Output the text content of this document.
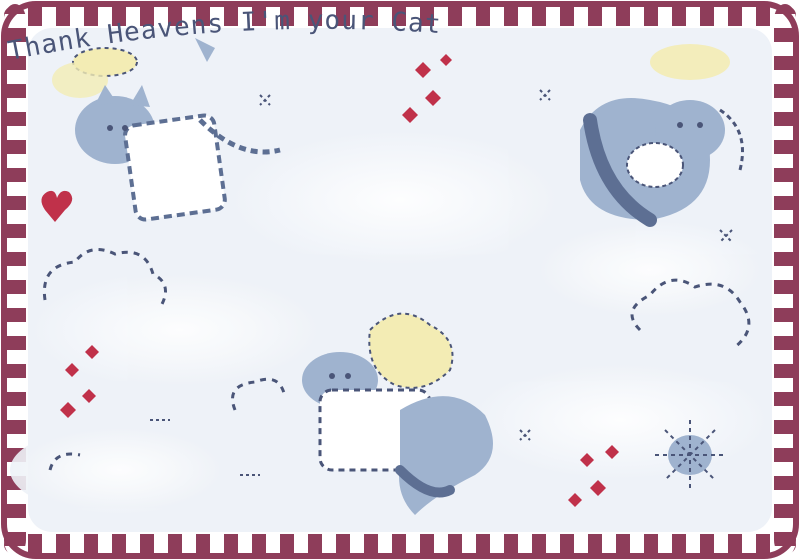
Thank Heavens I'm your Cat
